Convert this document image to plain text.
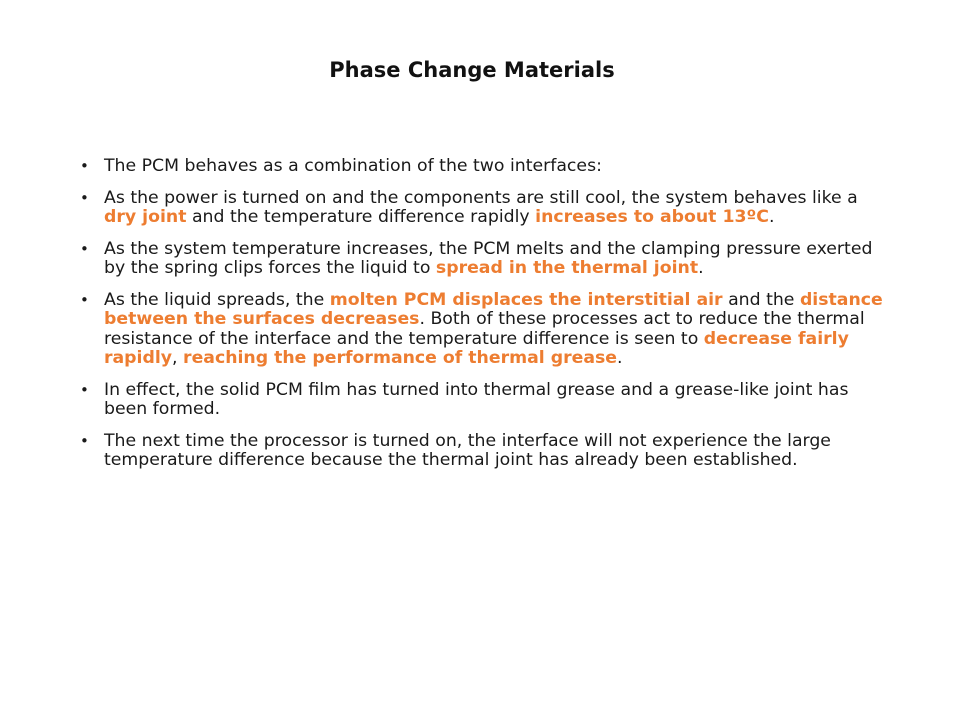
Phase Change Materials
• The PCM behaves as a combination of the two interfaces:
• As the power is turned on and the components are still cool, the system behaves like a dry joint and the temperature difference rapidly increases to about 13ºC.
• As the system temperature increases, the PCM melts and the clamping pressure exerted by the spring clips forces the liquid to spread in the thermal joint.
• As the liquid spreads, the molten PCM displaces the interstitial air and the distance between the surfaces decreases. Both of these processes act to reduce the thermal resistance of the interface and the temperature difference is seen to decrease fairly rapidly, reaching the performance of thermal grease.
• In effect, the solid PCM film has turned into thermal grease and a grease-like joint has been formed.
• The next time the processor is turned on, the interface will not experience the large temperature difference because the thermal joint has already been established.
